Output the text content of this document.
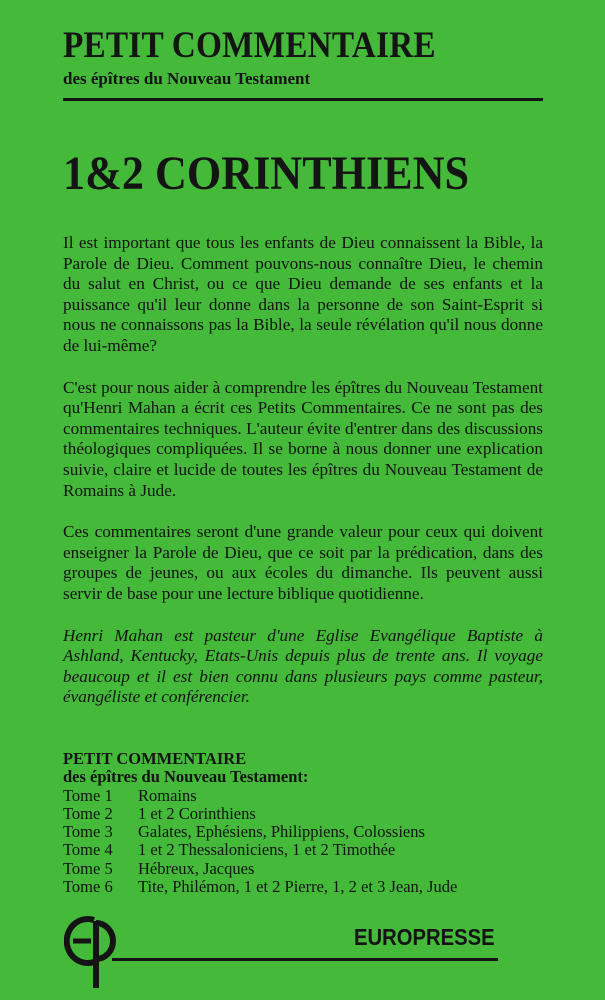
PETIT COMMENTAIRE
des épîtres du Nouveau Testament
1&2 CORINTHIENS

Il est important que tous les enfants de Dieu connaissent la Bible, la Parole de Dieu. Comment pouvons-nous connaître Dieu, le chemin du salut en Christ, ou ce que Dieu demande de ses enfants et la puissance qu'il leur donne dans la personne de son Saint-Esprit si nous ne connaissons pas la Bible, la seule révélation qu'il nous donne de lui-même?

C'est pour nous aider à comprendre les épîtres du Nouveau Testament qu'Henri Mahan a écrit ces Petits Commentaires. Ce ne sont pas des commentaires techniques. L'auteur évite d'entrer dans des discussions théologiques compliquées. Il se borne à nous donner une explication suivie, claire et lucide de toutes les épîtres du Nouveau Testament de Romains à Jude.

Ces commentaires seront d'une grande valeur pour ceux qui doivent enseigner la Parole de Dieu, que ce soit par la prédication, dans des groupes de jeunes, ou aux écoles du dimanche. Ils peuvent aussi servir de base pour une lecture biblique quotidienne.

Henri Mahan est pasteur d'une Eglise Evangélique Baptiste à Ashland, Kentucky, Etats-Unis depuis plus de trente ans. Il voyage beaucoup et il est bien connu dans plusieurs pays comme pasteur, évangéliste et conférencier.

PETIT COMMENTAIRE
des épîtres du Nouveau Testament:
Tome 1	Romains
Tome 2	1 et 2 Corinthiens
Tome 3	Galates, Ephésiens, Philippiens, Colossiens
Tome 4	1 et 2 Thessaloniciens, 1 et 2 Timothée
Tome 5	Hébreux, Jacques
Tome 6	Tite, Philémon, 1 et 2 Pierre, 1, 2 et 3 Jean, Jude
EUROPRESSE
